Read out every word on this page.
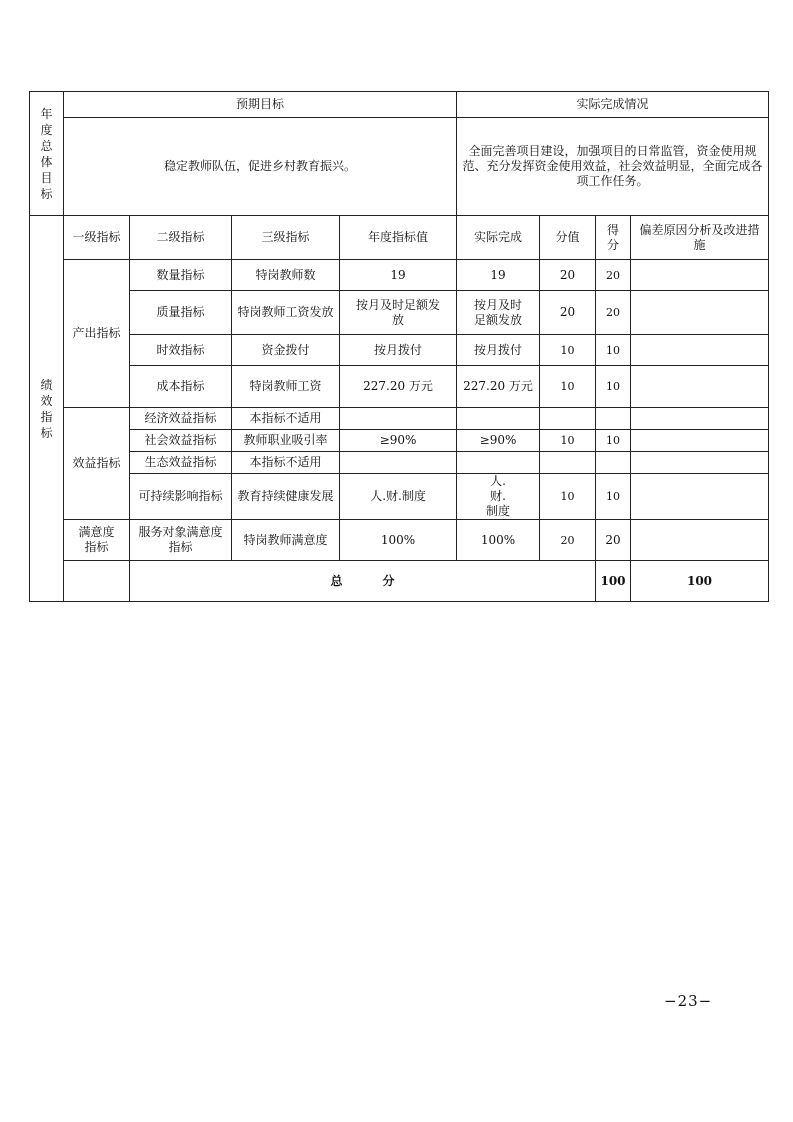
年度总体目标	预期目标				实际完成情况				
	稳定教师队伍，促进乡村教育振兴。				全面完善项目建设，加强项目的日常监管，资金使用规范、充分发挥资金使用效益，社会效益明显，全面完成各项工作任务。				

绩效指标	一级指标	二级指标	三级指标	年度指标值	实际完成	分值	得分	偏差原因分析及改进措施	
	产出指标	数量指标	特岗教师数	19	19	20	20		
		质量指标	特岗教师工资发放	按月及时足额发放	按月及时足额发放	20	20		
		时效指标	资金拨付	按月拨付	按月拨付	10	10		
		成本指标	特岗教师工资	227.20 万元	227.20 万元	10	10		
	效益指标	经济效益指标	本指标不适用						
		社会效益指标	教师职业吸引率	≥90%	≥90%	10	10		
		生态效益指标	本指标不适用						
		可持续影响指标	教育持续健康发展	人.财.制度	人.财.制度	10	10		
	满意度指标	服务对象满意度指标	特岗教师满意度	100%	100%	20	20		
		总 分					100	100	
−23−
